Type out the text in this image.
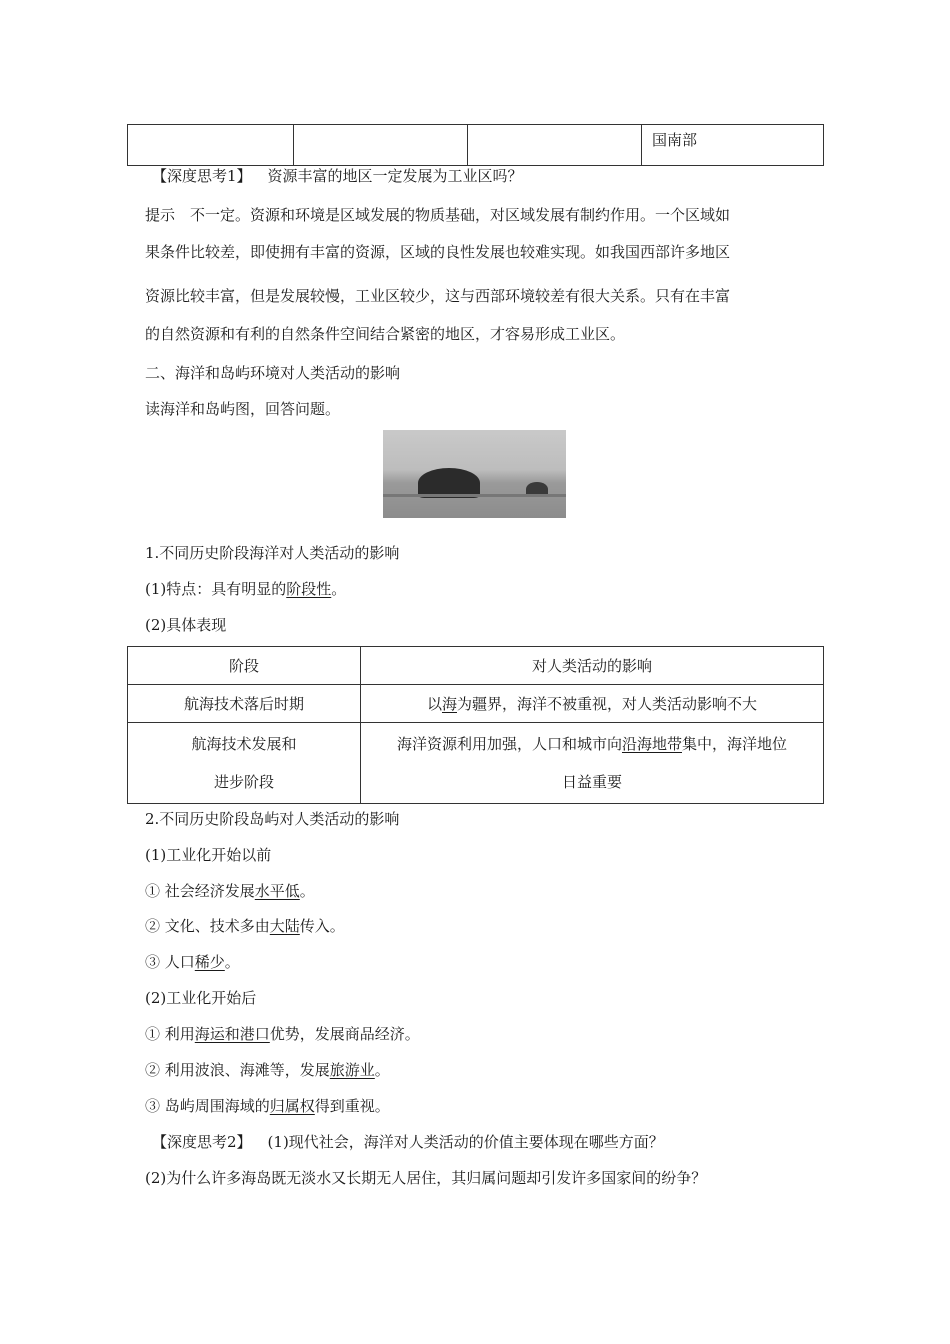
			国南部
【深度思考1】 资源丰富的地区一定发展为工业区吗？
提示　不一定。资源和环境是区域发展的物质基础，对区域发展有制约作用。一个区域如
果条件比较差，即使拥有丰富的资源，区域的良性发展也较难实现。如我国西部许多地区
资源比较丰富，但是发展较慢，工业区较少，这与西部环境较差有很大关系。只有在丰富
的自然资源和有利的自然条件空间结合紧密的地区，才容易形成工业区。
二、海洋和岛屿环境对人类活动的影响
读海洋和岛屿图，回答问题。
1.不同历史阶段海洋对人类活动的影响
(1)特点：具有明显的阶段性。
(2)具体表现
阶段	对人类活动的影响
航海技术落后时期	以海为疆界，海洋不被重视，对人类活动影响不大
航海技术发展和
进步阶段	海洋资源利用加强，人口和城市向沿海地带集中，海洋地位
日益重要
2.不同历史阶段岛屿对人类活动的影响
(1)工业化开始以前
① 社会经济发展水平低。
② 文化、技术多由大陆传入。
③ 人口稀少。
(2)工业化开始后
① 利用海运和港口优势，发展商品经济。
② 利用波浪、海滩等，发展旅游业。
③ 岛屿周围海域的归属权得到重视。
【深度思考2】 (1)现代社会，海洋对人类活动的价值主要体现在哪些方面？
(2)为什么许多海岛既无淡水又长期无人居住，其归属问题却引发许多国家间的纷争？
